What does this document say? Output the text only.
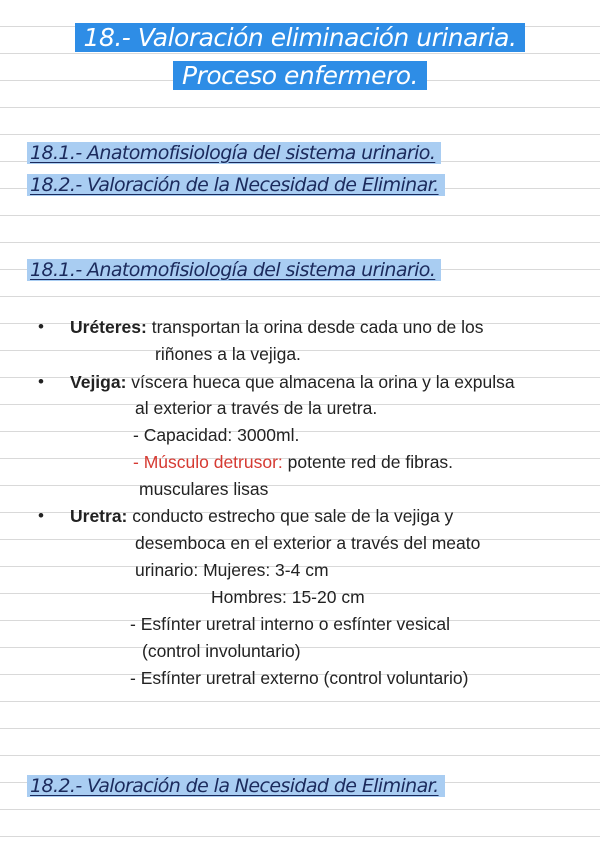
18.- Valoración eliminación urinaria.
Proceso enfermero.
18.1.- Anatomofisiología del sistema urinario.
18.2.- Valoración de la Necesidad de Eliminar.
18.1.- Anatomofisiología del sistema urinario.
• Uréteres: transportan la orina desde cada uno de los
riñones a la vejiga.
• Vejiga: víscera hueca que almacena la orina y la expulsa
al exterior a través de la uretra.
- Capacidad: 3000ml.
- Músculo detrusor: potente red de fibras.
musculares lisas
• Uretra: conducto estrecho que sale de la vejiga y
desemboca en el exterior a través del meato
urinario: Mujeres: 3-4 cm
Hombres: 15-20 cm
- Esfínter uretral interno o esfínter vesical
(control involuntario)
- Esfínter uretral externo (control voluntario)
18.2.- Valoración de la Necesidad de Eliminar.
